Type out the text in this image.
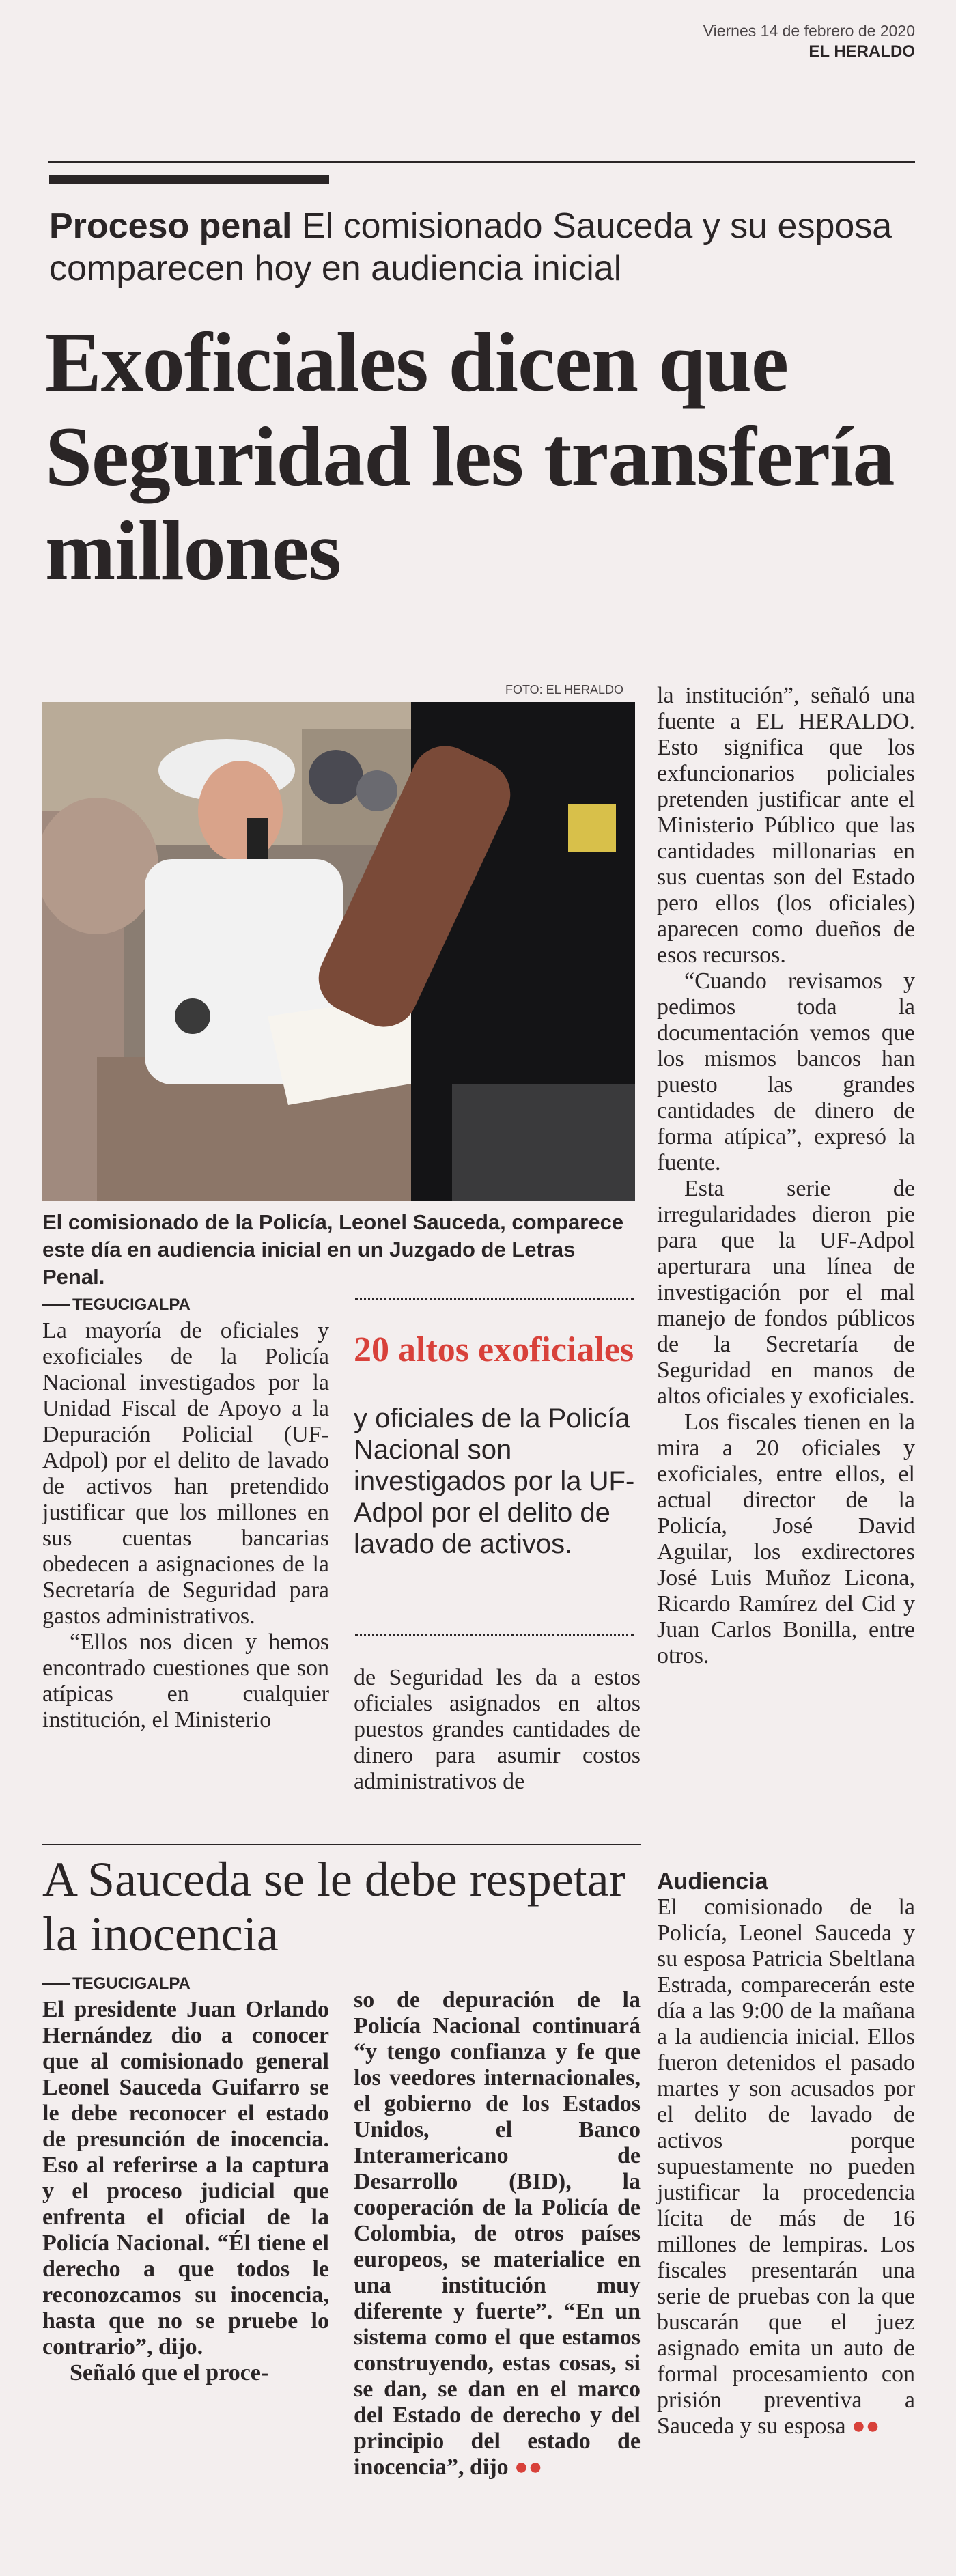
Viernes 14 de febrero de 2020
EL HERALDO
Proceso penal El comisionado Sauceda y su esposa comparecen hoy en audiencia inicial
Exoficiales dicen que Seguridad les transfería millones
FOTO: EL HERALDO
El comisionado de la Policía, Leonel Sauceda, comparece este día en audiencia inicial en un Juzgado de Letras Penal.
TEGUCIGALPA

La mayoría de oficiales y exoficiales de la Policía Nacional investigados por la Unidad Fiscal de Apoyo a la Depuración Policial (UF-Adpol) por el delito de lavado de activos han pretendido justificar que los millones en sus cuentas bancarias obedecen a asignaciones de la Secretaría de Seguridad para gastos administrativos.

“Ellos nos dicen y hemos encontrado cuestiones que son atípicas en cualquier institución, el Ministerio

20 altos exoficiales
y oficiales de la Policía Nacional son investigados por la UF-Adpol por el delito de lavado de activos.

de Seguridad les da a estos oficiales asignados en altos puestos grandes cantidades de dinero para asumir costos administrativos de

la institución”, señaló una fuente a EL HERALDO. Esto significa que los exfuncionarios policiales pretenden justificar ante el Ministerio Público que las cantidades millonarias en sus cuentas son del Estado pero ellos (los oficiales) aparecen como dueños de esos recursos.

“Cuando revisamos y pedimos toda la documentación vemos que los mismos bancos han puesto las grandes cantidades de dinero de forma atípica”, expresó la fuente.

Esta serie de irregularidades dieron pie para que la UF-Adpol aperturara una línea de investigación por el mal manejo de fondos públicos de la Secretaría de Seguridad en manos de altos oficiales y exoficiales.

Los fiscales tienen en la mira a 20 oficiales y exoficiales, entre ellos, el actual director de la Policía, José David Aguilar, los exdirectores José Luis Muñoz Licona, Ricardo Ramírez del Cid y Juan Carlos Bonilla, entre otros.

A Sauceda se le debe respetar la inocencia
TEGUCIGALPA

El presidente Juan Orlando Hernández dio a conocer que al comisionado general Leonel Sauceda Guifarro se le debe reconocer el estado de presunción de inocencia. Eso al referirse a la captura y el proceso judicial que enfrenta el oficial de la Policía Nacional. “Él tiene el derecho a que todos le reconozcamos su inocencia, hasta que no se pruebe lo contrario”, dijo.

Señaló que el proce-

so de depuración de la Policía Nacional continuará “y tengo confianza y fe que los veedores internacionales, el gobierno de los Estados Unidos, el Banco Interamericano de Desarrollo (BID), la cooperación de la Policía de Colombia, de otros países europeos, se materialice en una institución muy diferente y fuerte”. “En un sistema como el que estamos construyendo, estas cosas, si se dan, se dan en el marco del Estado de derecho y del principio del estado de inocencia”, dijo ●●

Audiencia

El comisionado de la Policía, Leonel Sauceda y su esposa Patricia Sbeltlana Estrada, comparecerán este día a las 9:00 de la mañana a la audiencia inicial. Ellos fueron detenidos el pasado martes y son acusados por el delito de lavado de activos porque supuestamente no pueden justificar la procedencia lícita de más de 16 millones de lempiras. Los fiscales presentarán una serie de pruebas con la que buscarán que el juez asignado emita un auto de formal procesamiento con prisión preventiva a Sauceda y su esposa ●●
